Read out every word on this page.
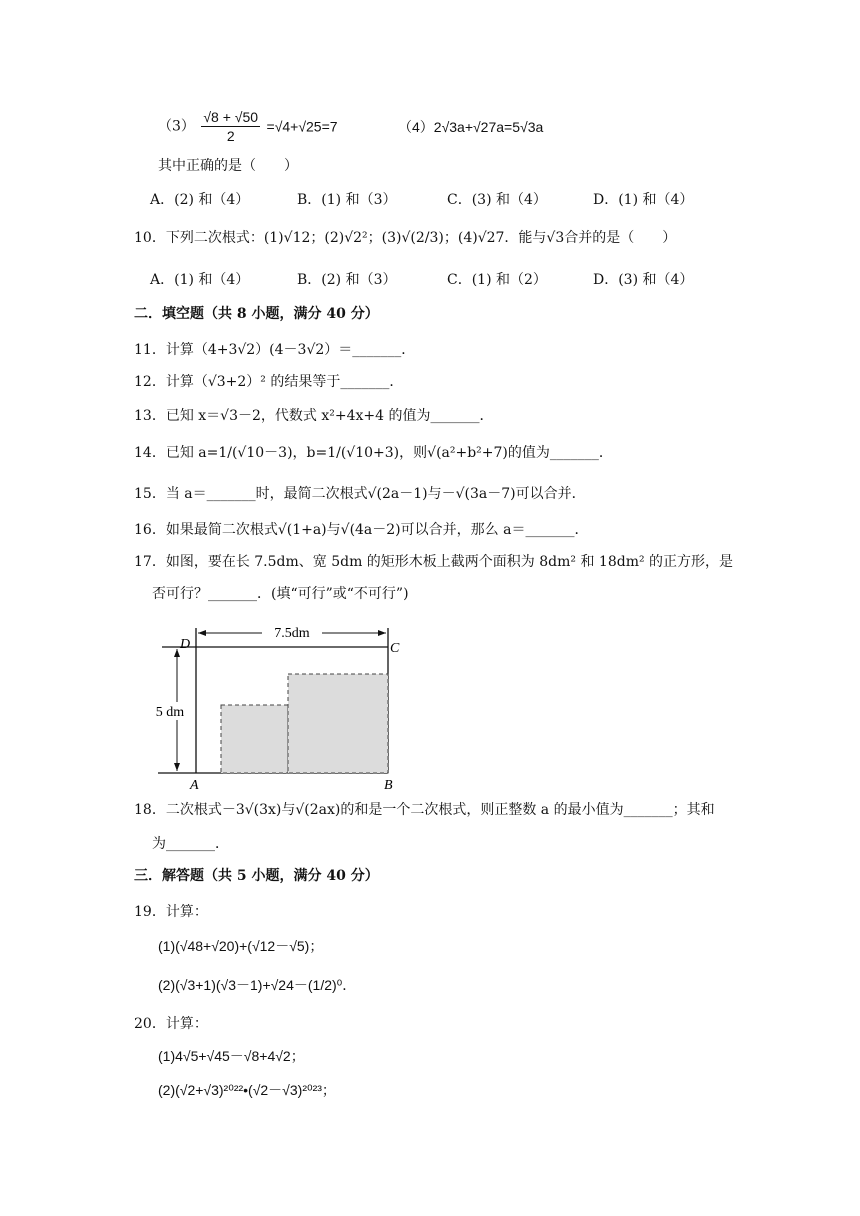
$(3) \frac{√8 + √50}{2} =√4+√25=7$	（4）2√3a+√27a=5√3a
其中正确的是（　　）
A．(2) 和（4）	B．(1) 和（3）	C．(3) 和（4）	D．(1) 和（4）
10．下列二次根式：(1)√12；(2)√2²；(3)√(2/3)；(4)√27．能与√3合并的是（　　）
A．(1) 和（4）	B．(2) 和（3）	C．(1) 和（2）	D．(3) 和（4）
二．填空题（共 8 小题，满分 40 分）
11．计算（4+3√2）(4－3√2）＝_______．
12．计算（√3+2）² 的结果等于_______．
13．已知 x＝√3－2，代数式 x²+4x+4 的值为_______．
14．已知 a=1/(√10－3)，b=1/(√10+3)，则√(a²+b²+7)的值为_______．
15．当 a＝_______时，最简二次根式√(2a－1)与－√(3a－7)可以合并．
16．如果最简二次根式√(1+a)与√(4a－2)可以合并，那么 a＝_______．
17．如图，要在长 7.5dm、宽 5dm 的矩形木板上截两个面积为 8dm² 和 18dm² 的正方形，是
否可行？_______．(填“可行”或“不可行”)
7.5dm
5 dm
D	C
A	B
18．二次根式－3√(3x)与√(2ax)的和是一个二次根式，则正整数 a 的最小值为_______；其和
为_______．
三．解答题（共 5 小题，满分 40 分）
19．计算：
(1)(√48+√20)+(√12－√5)；
(2)(√3+1)(√3－1)+√24－(1/2)⁰．
20．计算：
(1)4√5+√45－√8+4√2；
(2)(√2+√3)²⁰²²•(√2－√3)²⁰²³；
